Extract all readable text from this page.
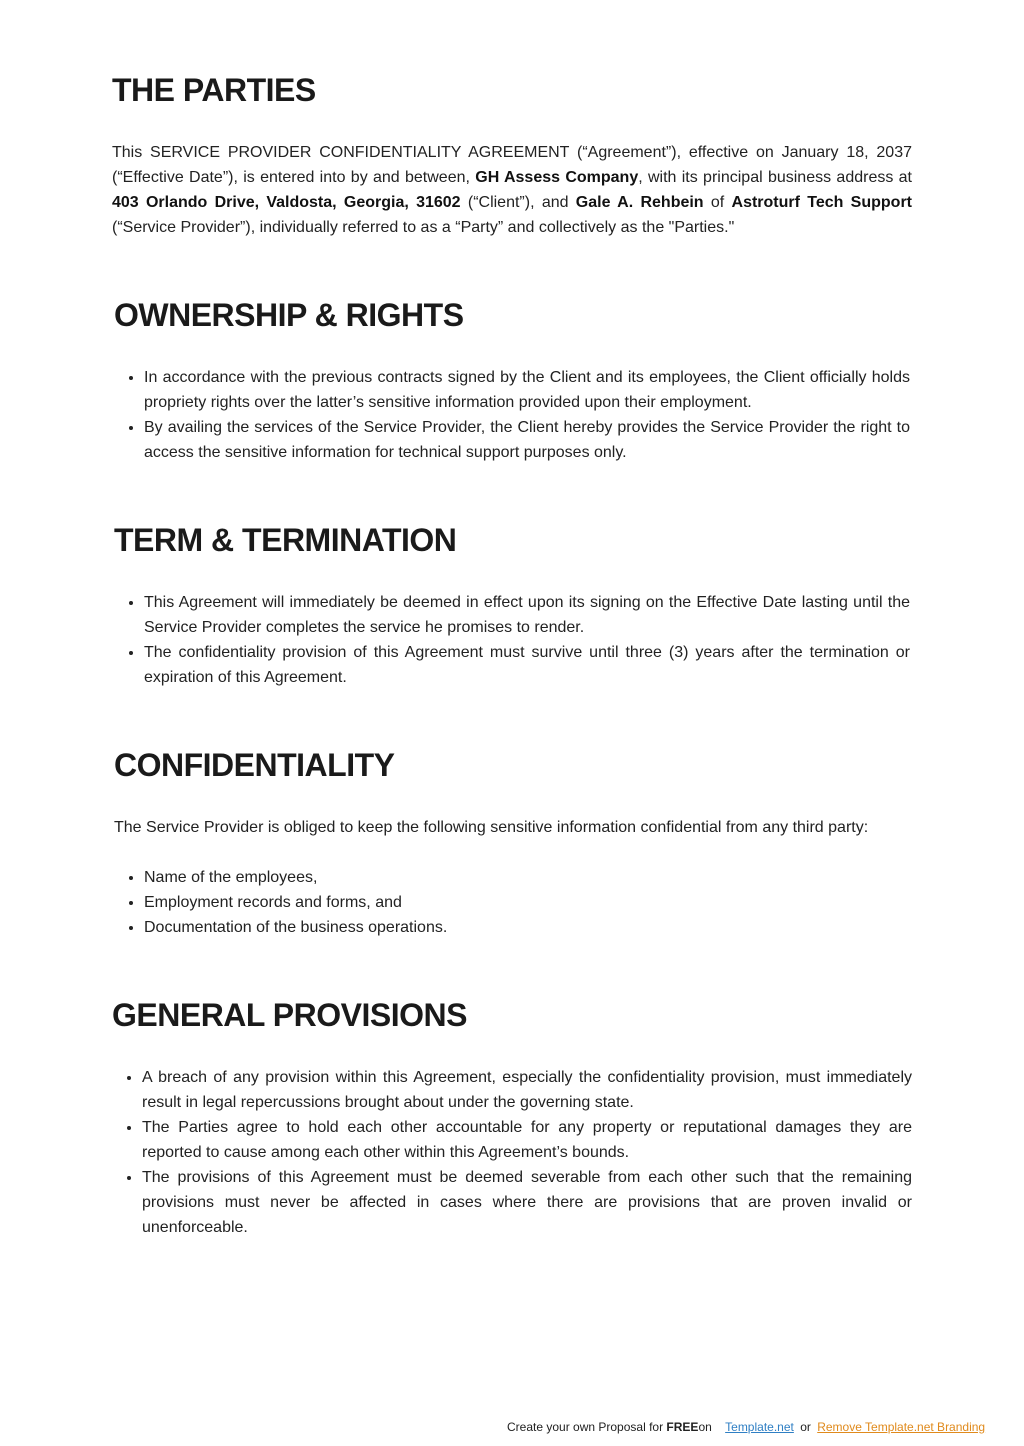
THE PARTIES

This SERVICE PROVIDER CONFIDENTIALITY AGREEMENT (“Agreement”), effective on January 18, 2037 (“Effective Date”), is entered into by and between, GH Assess Company, with its principal business address at 403 Orlando Drive, Valdosta, Georgia, 31602 (“Client”), and Gale A. Rehbein of Astroturf Tech Support (“Service Provider”), individually referred to as a “Party” and collectively as the "Parties."

OWNERSHIP & RIGHTS
• In accordance with the previous contracts signed by the Client and its employees, the Client officially holds propriety rights over the latter’s sensitive information provided upon their employment.
• By availing the services of the Service Provider, the Client hereby provides the Service Provider the right to access the sensitive information for technical support purposes only.
TERM & TERMINATION
• This Agreement will immediately be deemed in effect upon its signing on the Effective Date lasting until the Service Provider completes the service he promises to render.
• The confidentiality provision of this Agreement must survive until three (3) years after the termination or expiration of this Agreement.
CONFIDENTIALITY

The Service Provider is obliged to keep the following sensitive information confidential from any third party:

• Name of the employees,
• Employment records and forms, and
• Documentation of the business operations.
GENERAL PROVISIONS
• A breach of any provision within this Agreement, especially the confidentiality provision, must immediately result in legal repercussions brought about under the governing state.
• The Parties agree to hold each other accountable for any property or reputational damages they are reported to cause among each other within this Agreement’s bounds.
• The provisions of this Agreement must be deemed severable from each other such that the remaining provisions must never be affected in cases where there are provisions that are proven invalid or unenforceable.
Create your own Proposal for FREEon Template.net or Remove Template.net Branding
